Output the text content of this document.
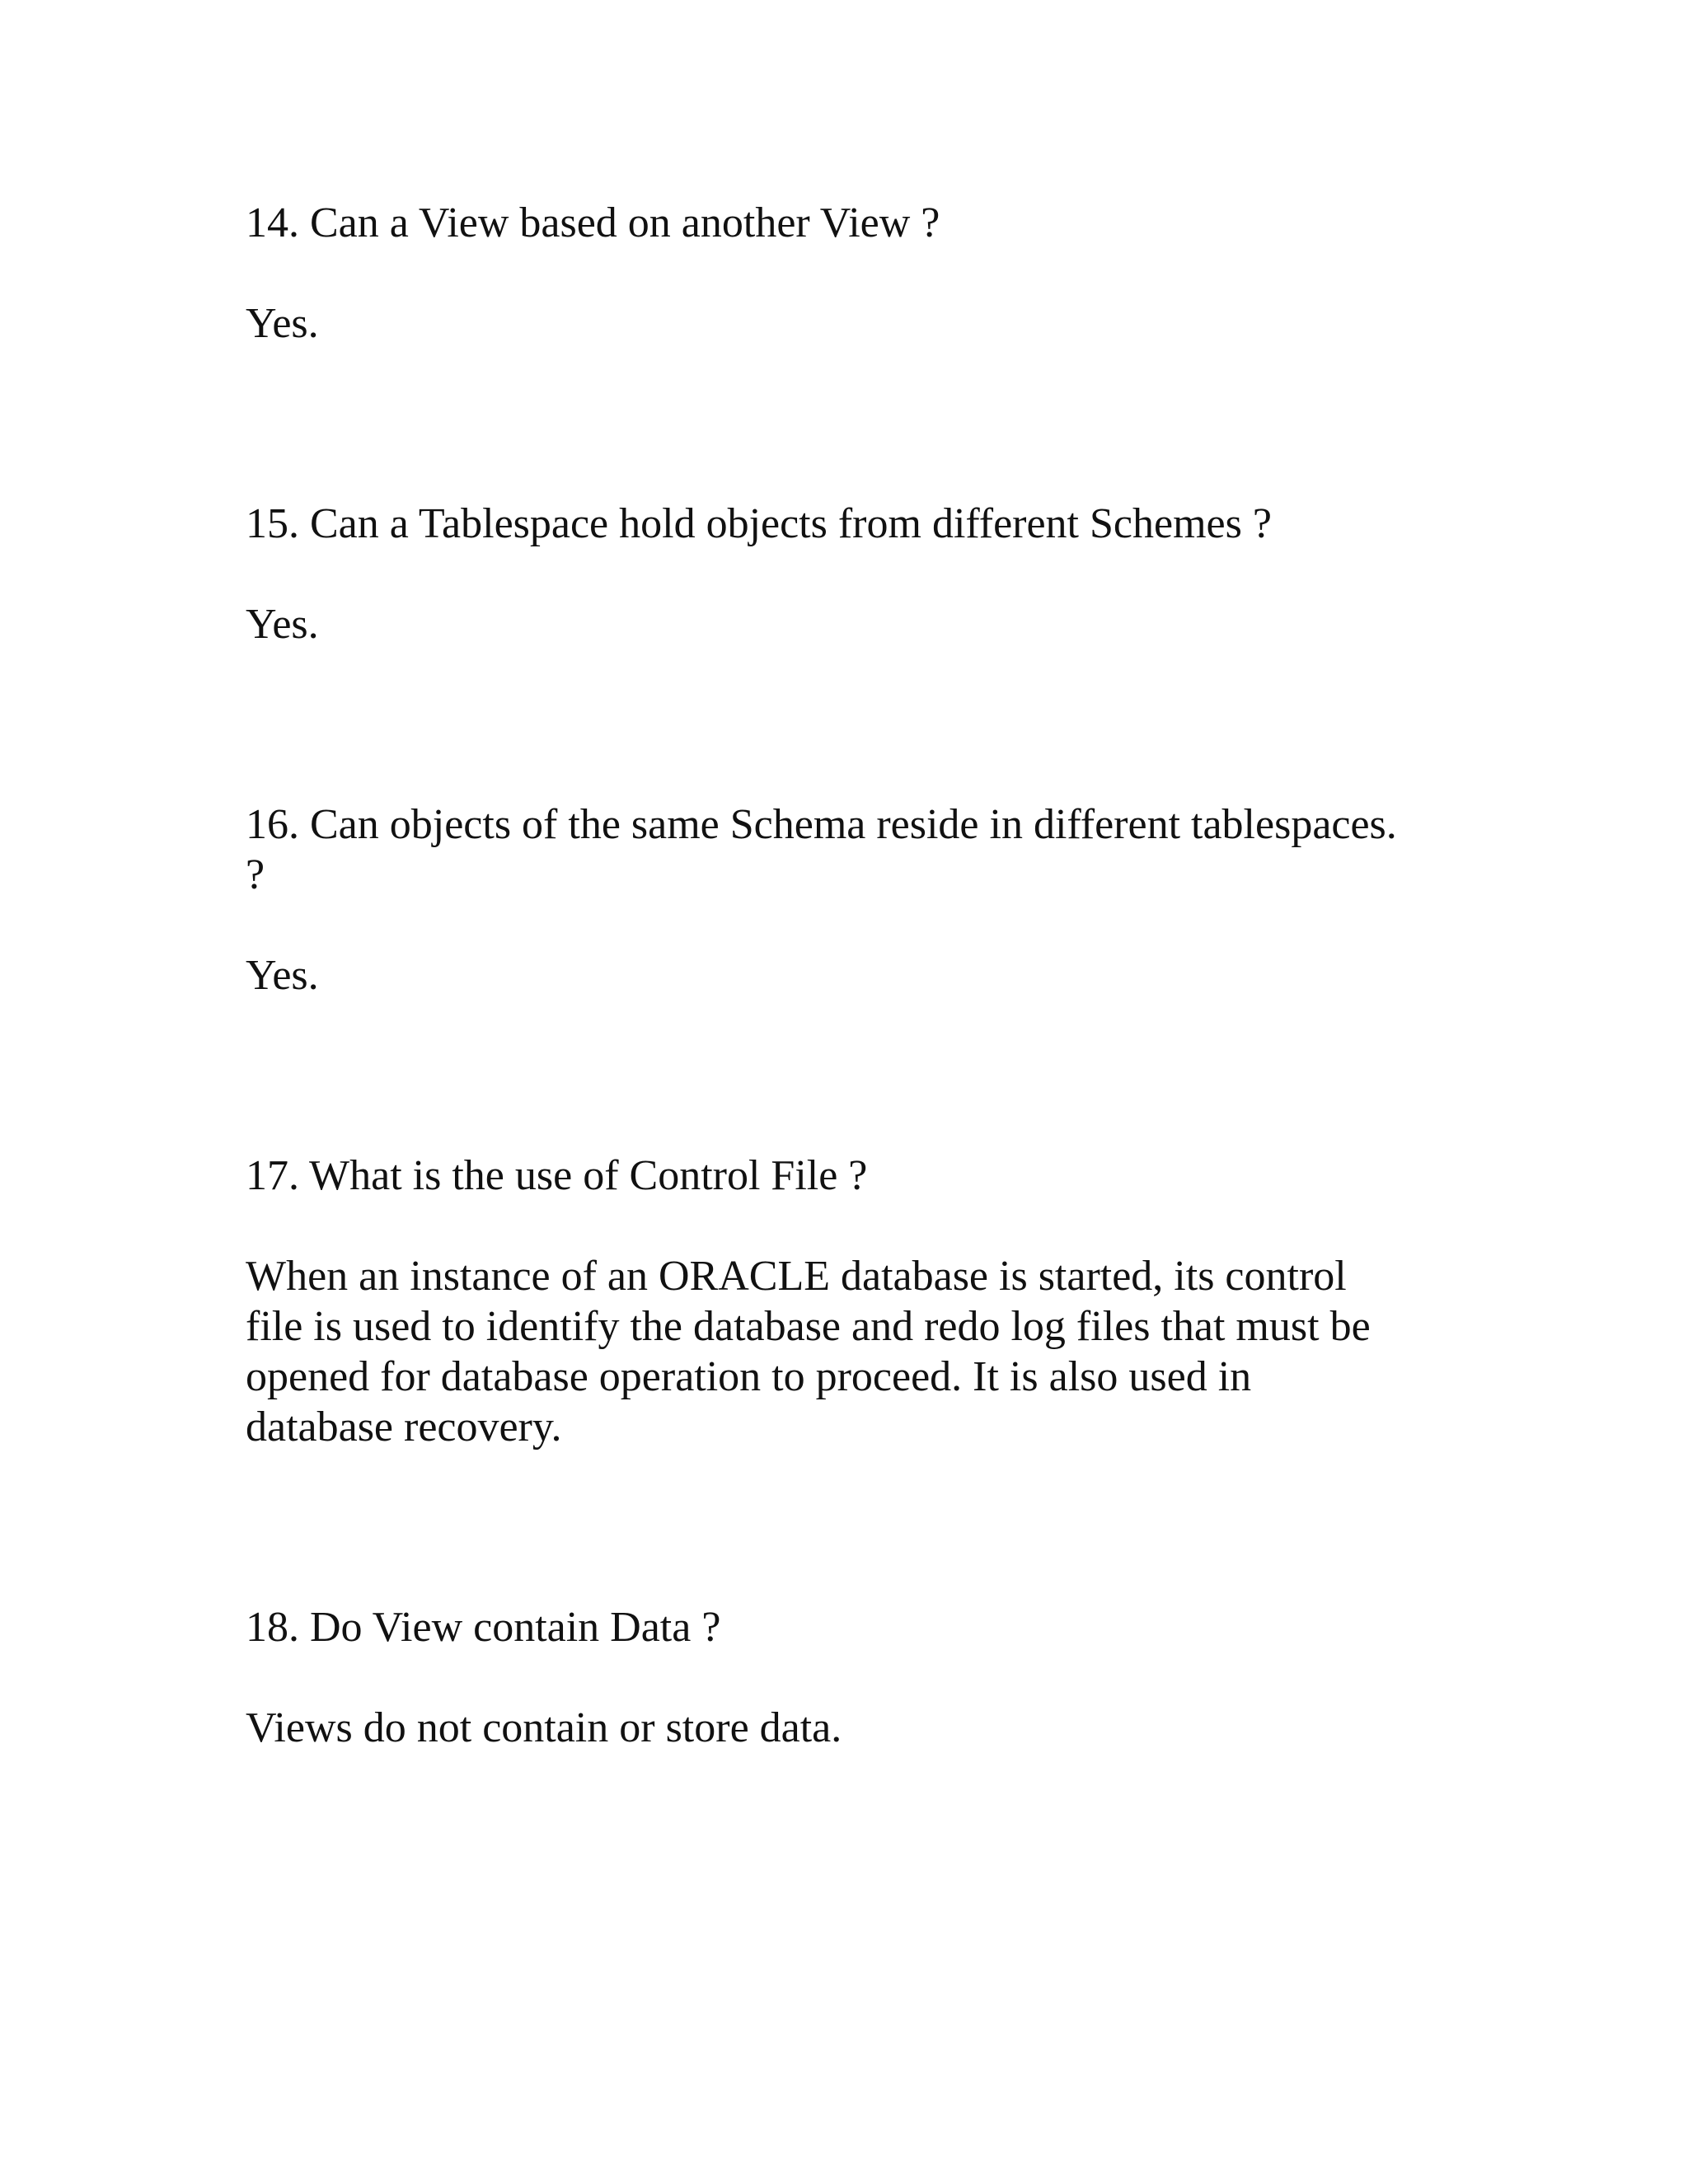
14. Can a View based on another View ?

Yes.

15. Can a Tablespace hold objects from different Schemes ?

Yes.

16. Can objects of the same Schema reside in different tablespaces.

?

Yes.

17. What is the use of Control File ?

When an instance of an ORACLE database is started, its control

file is used to identify the database and redo log files that must be

opened for database operation to proceed. It is also used in

database recovery.

18. Do View contain Data ?

Views do not contain or store data.
